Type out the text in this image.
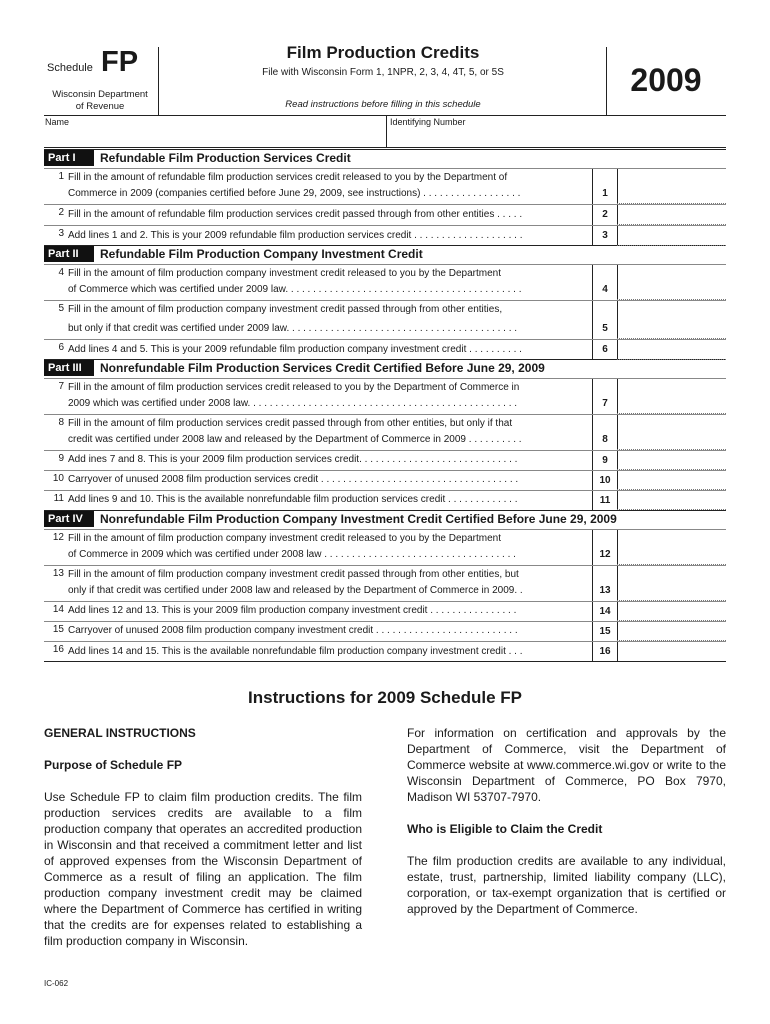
Schedule FP
Wisconsin Department
of Revenue
Film Production Credits
File with Wisconsin Form 1, 1NPR, 2, 3, 4, 4T, 5, or 5S
Read instructions before filling in this schedule
2009
Name	Identifying Number
Part I	Refundable Film Production Services Credit
Part II	Refundable Film Production Company Investment Credit
Part III	Nonrefundable Film Production Services Credit Certified Before June 29, 2009
Part IV	Nonrefundable Film Production Company Investment Credit Certified Before June 29, 2009
1 Fill in the amount of refundable film production services credit released to you by the Department of
Commerce in 2009 (companies certified before June 29, 2009, see instructions) . . . . . . . . . . . . . . . . . .	1
2 Fill in the amount of refundable film production services credit passed through from other entities . . . . .	2
3 Add lines 1 and 2. This is your 2009 refundable film production services credit . . . . . . . . . . . . . . . . . . . .	3
4 Fill in the amount of film production company investment credit released to you by the Department
of Commerce which was certified under 2009 law. . . . . . . . . . . . . . . . . . . . . . . . . . . . . . . . . . . . . . . . . . .	4
5 Fill in the amount of film production company investment credit passed through from other entities,
but only if that credit was certified under 2009 law. . . . . . . . . . . . . . . . . . . . . . . . . . . . . . . . . . . . . . . . . .	5
6 Add lines 4 and 5. This is your 2009 refundable film production company investment credit . . . . . . . . . .	6
7 Fill in the amount of film production services credit released to you by the Department of Commerce in
2009 which was certified under 2008 law. . . . . . . . . . . . . . . . . . . . . . . . . . . . . . . . . . . . . . . . . . . . . . . . .	7
8 Fill in the amount of film production services credit passed through from other entities, but only if that
credit was certified under 2008 law and released by the Department of Commerce in 2009 . . . . . . . . . .	8
9 Add ines 7 and 8. This is your 2009 film production services credit. . . . . . . . . . . . . . . . . . . . . . . . . . . . .	9
10 Carryover of unused 2008 film production services credit . . . . . . . . . . . . . . . . . . . . . . . . . . . . . . . . . . . .	10
11 Add lines 9 and 10. This is the available nonrefundable film production services credit . . . . . . . . . . . . .	11
12 Fill in the amount of film production company investment credit released to you by the Department
of Commerce in 2009 which was certified under 2008 law . . . . . . . . . . . . . . . . . . . . . . . . . . . . . . . . . . .	12
13 Fill in the amount of film production company investment credit passed through from other entities, but
only if that credit was certified under 2008 law and released by the Department of Commerce in 2009. .	13
14 Add lines 12 and 13. This is your 2009 film production company investment credit . . . . . . . . . . . . . . . .	14
15 Carryover of unused 2008 film production company investment credit . . . . . . . . . . . . . . . . . . . . . . . . . .	15
16 Add lines 14 and 15. This is the available nonrefundable film production company investment credit . . .	16
Instructions for 2009 Schedule FP
GENERAL INSTRUCTIONS
Purpose of Schedule FP

Use Schedule FP to claim film production credits. The film production services credits are available to a film production company that operates an accredited production in Wisconsin and that received a commitment letter and list of approved expenses from the Wisconsin Department of Commerce as a result of filing an application. The film production company investment credit may be claimed where the Department of Commerce has certified in writing that the credits are for expenses related to establishing a film production company in Wisconsin.

For information on certification and approvals by the Department of Commerce, visit the Department of Commerce website at www.commerce.wi.gov or write to the Wisconsin Department of Commerce, PO Box 7970, Madison WI 53707-7970.

Who is Eligible to Claim the Credit

The film production credits are available to any individual, estate, trust, partnership, limited liability company (LLC), corporation, or tax-exempt organization that is certified or approved by the Department of Commerce.

IC-062
